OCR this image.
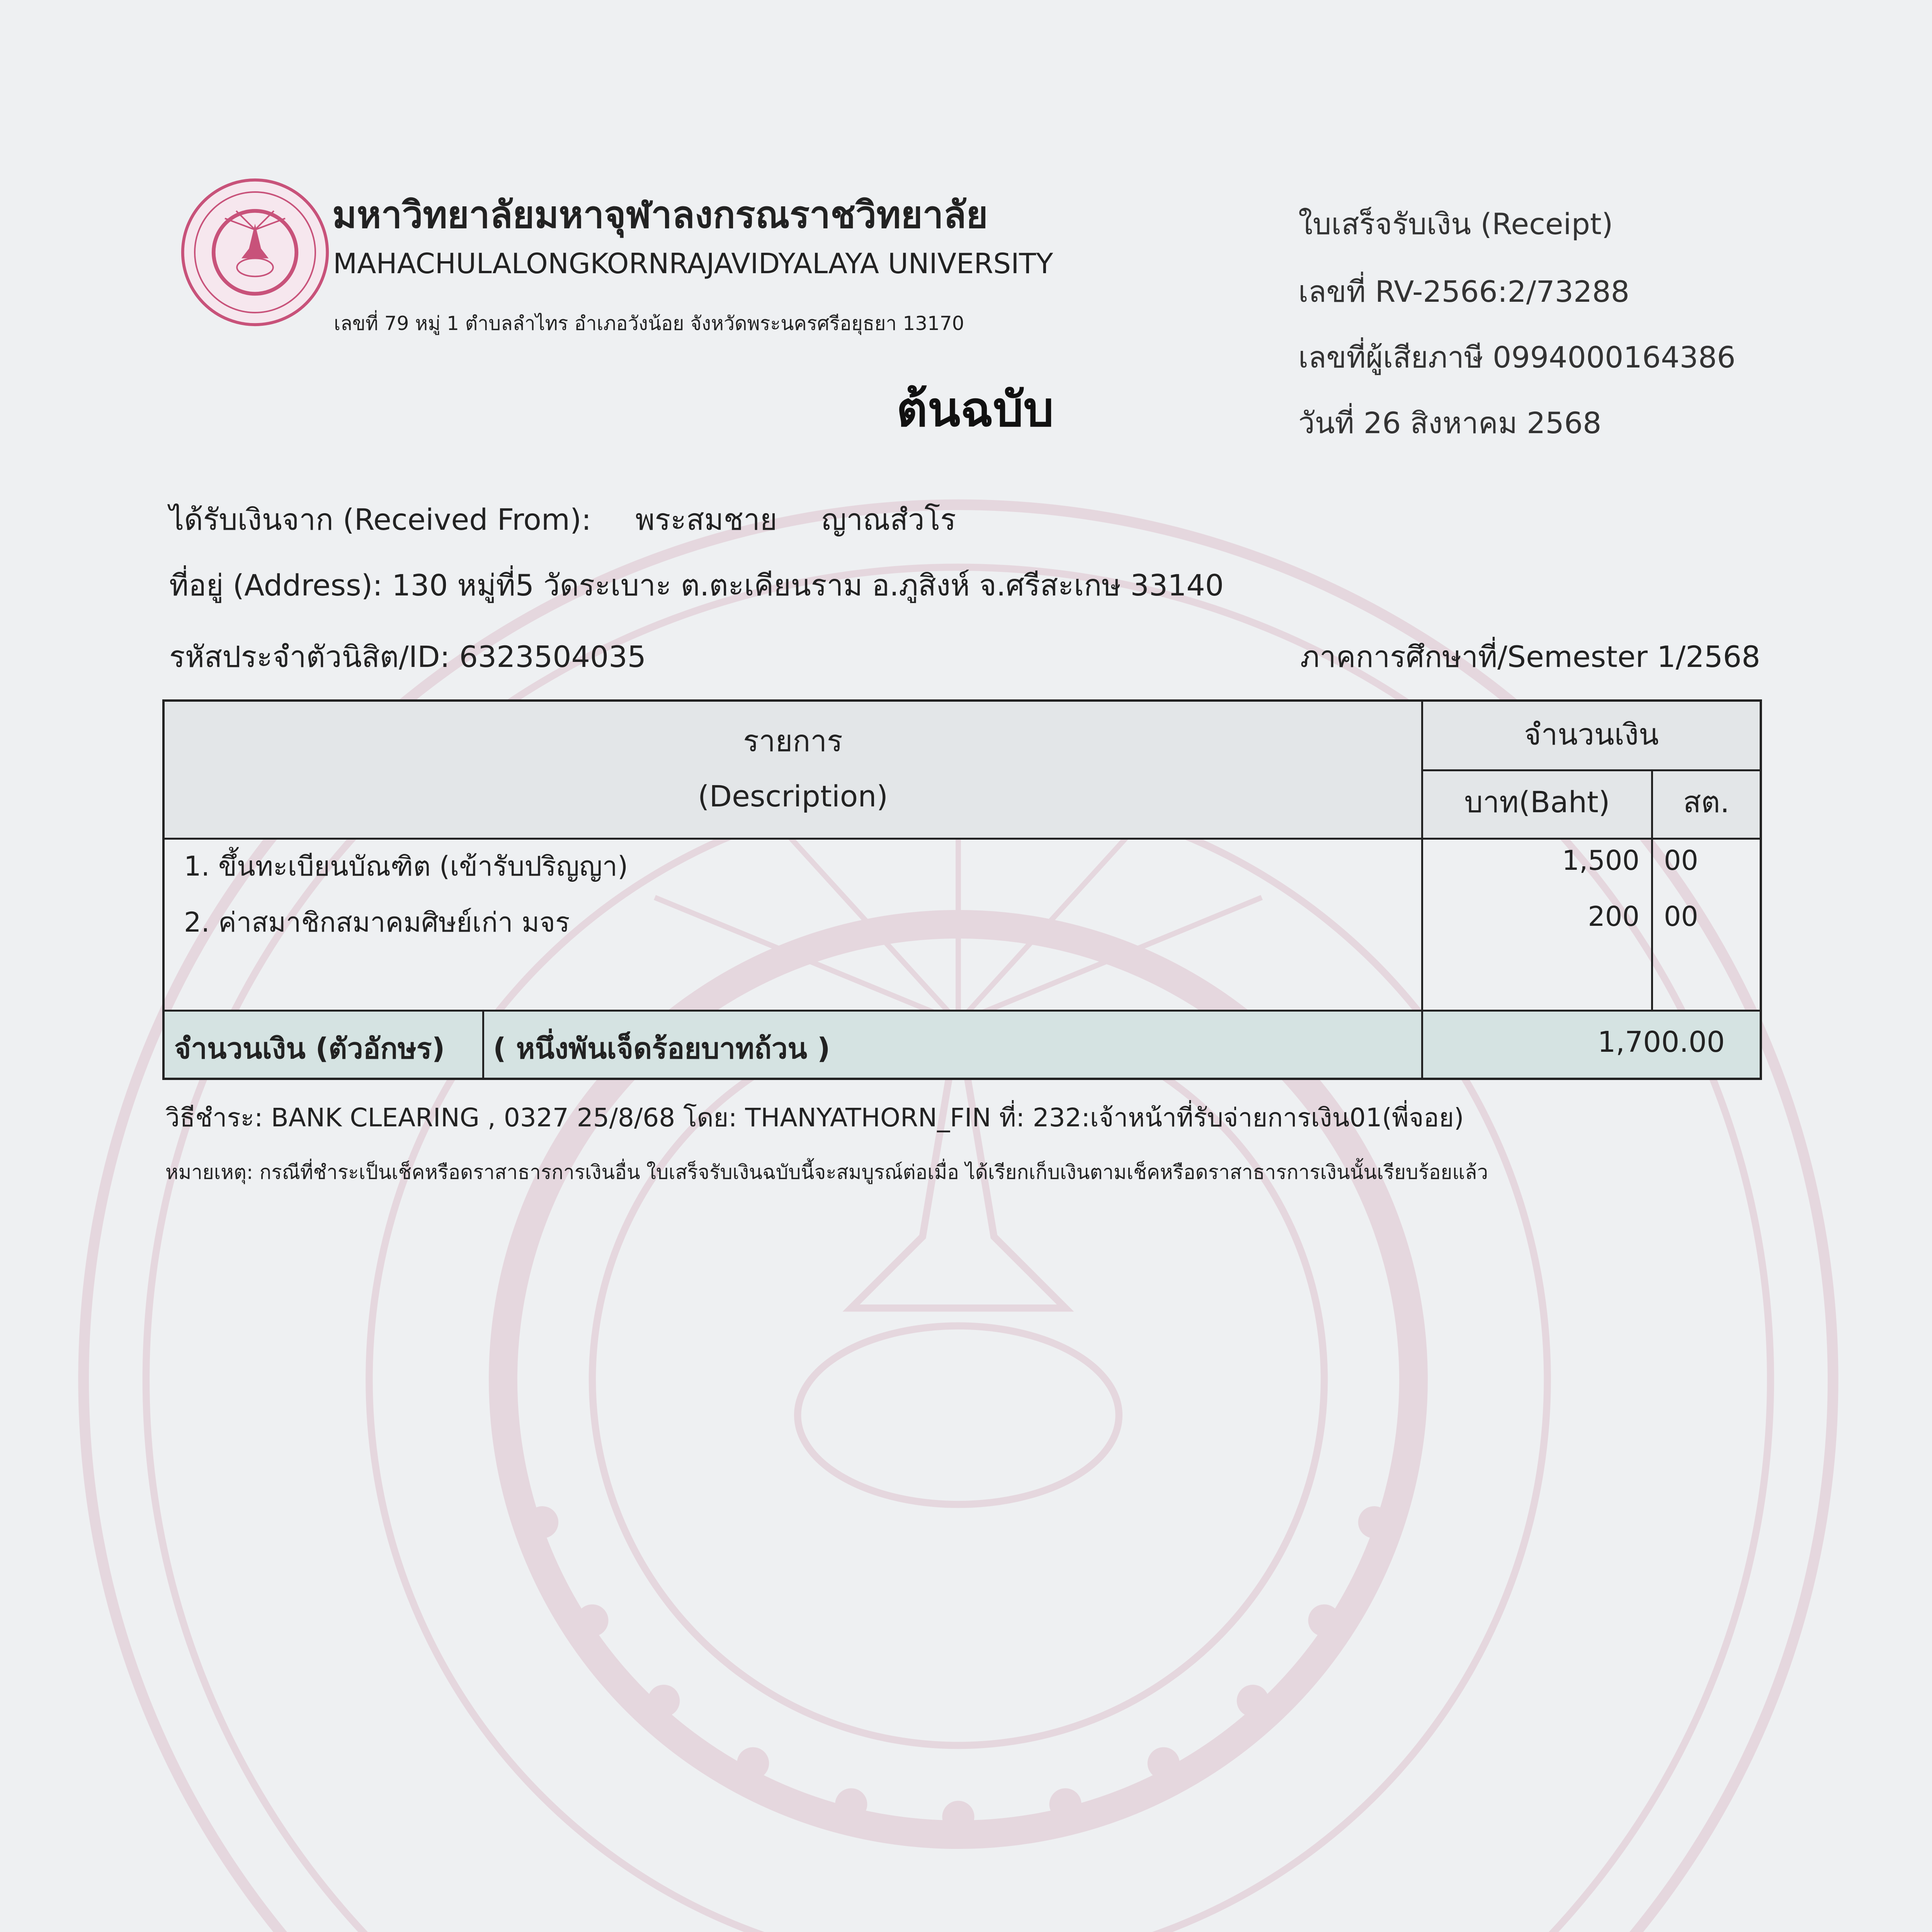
มหาวิทยาลัยมหาจุฬาลงกรณราชวิทยาลัย
MAHACHULALONGKORNRAJAVIDYALAYA UNIVERSITY
เลขที่ 79 หมู่ 1 ตำบลลำไทร อำเภอวังน้อย จังหวัดพระนครศรีอยุธยา 13170
ใบเสร็จรับเงิน (Receipt)
เลขที่ RV-2566:2/73288
เลขที่ผู้เสียภาษี 0994000164386
วันที่ 26 สิงหาคม 2568
ต้นฉบับ
ได้รับเงินจาก (Received From): พระสมชาย ญาณสํวโร
ที่อยู่ (Address): 130 หมู่ที่5 วัดระเบาะ ต.ตะเคียนราม อ.ภูสิงห์ จ.ศรีสะเกษ 33140
รหัสประจำตัวนิสิต/ID: 6323504035	ภาคการศึกษาที่/Semester 1/2568
รายการ
(Description)
จำนวนเงิน
บาท(Baht)	สต.
1. ขึ้นทะเบียนบัณฑิต (เข้ารับปริญญา)	1,500 00
2. ค่าสมาชิกสมาคมศิษย์เก่า มจร	200 00
จำนวนเงิน (ตัวอักษร) ( หนึ่งพันเจ็ดร้อยบาทถ้วน )	1,700.00
วิธีชำระ: BANK CLEARING , 0327 25/8/68 โดย: THANYATHORN_FIN ที่: 232:เจ้าหน้าที่รับจ่ายการเงิน01(พี่จอย)
หมายเหตุ: กรณีที่ชำระเป็นเช็คหรือดราสาธารการเงินอื่น ใบเสร็จรับเงินฉบับนี้จะสมบูรณ์ต่อเมื่อ ได้เรียกเก็บเงินตามเช็คหรือดราสาธารการเงินนั้นเรียบร้อยแล้ว
